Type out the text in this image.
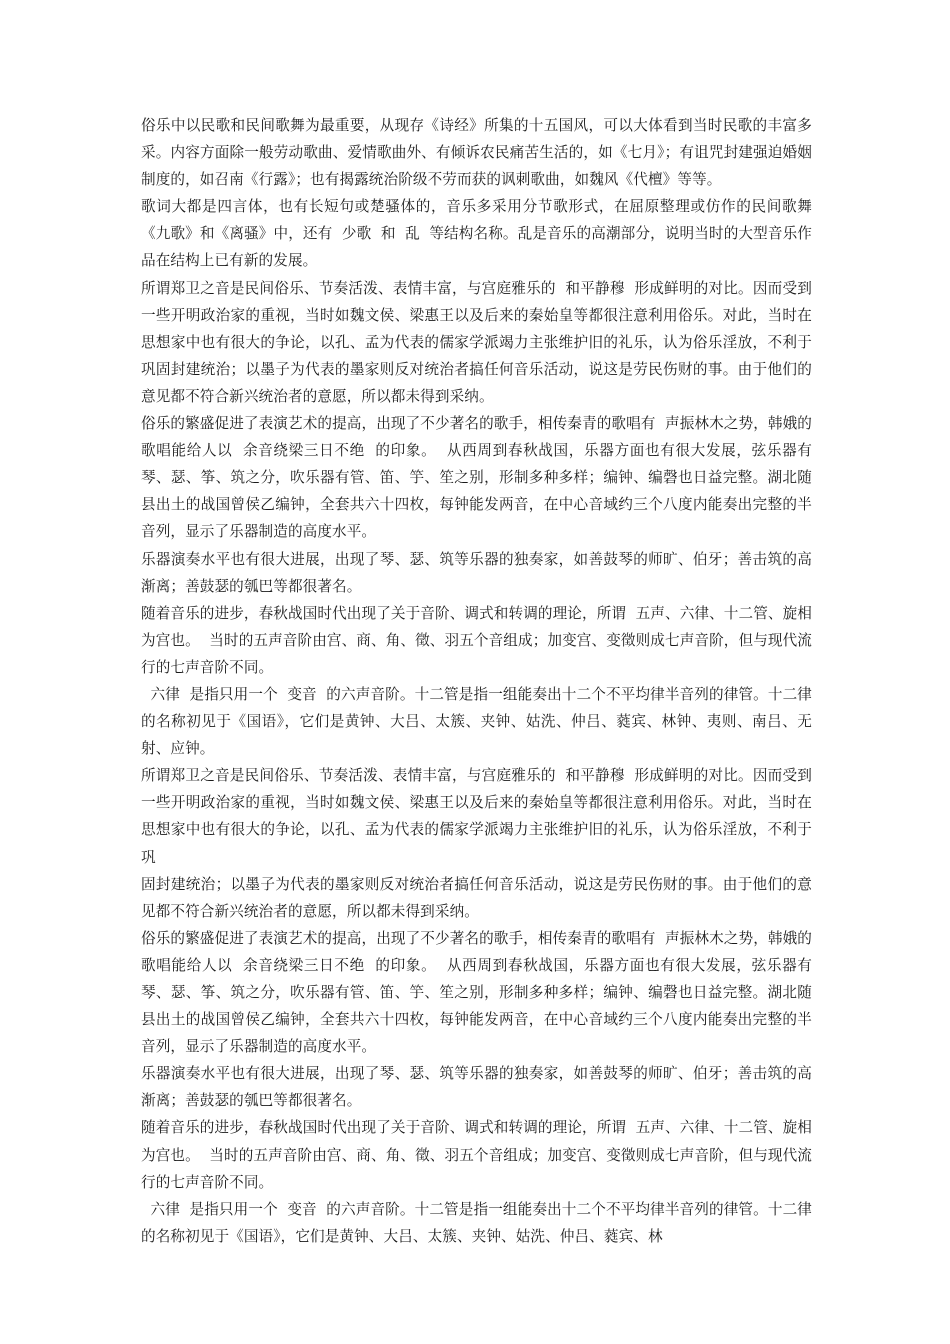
俗乐中以民歌和民间歌舞为最重要，从现存《诗经》所集的十五国风，可以大体看到当时民歌的丰富多采。内容方面除一般劳动歌曲、爱情歌曲外、有倾诉农民痛苦生活的，如《七月》；有诅咒封建强迫婚姻制度的，如召南《行露》；也有揭露统治阶级不劳而获的讽刺歌曲，如魏风《代檀》等等。

歌词大都是四言体，也有长短句或楚骚体的，音乐多采用分节歌形式，在屈原整理或仿作的民间歌舞《九歌》和《离骚》中，还有  少歌  和  乱  等结构名称。乱是音乐的高潮部分，说明当时的大型音乐作品在结构上已有新的发展。

所谓郑卫之音是民间俗乐、节奏活泼、表情丰富，与宫庭雅乐的  和平静穆  形成鲜明的对比。因而受到一些开明政治家的重视，当时如魏文侯、梁惠王以及后来的秦始皇等都很注意利用俗乐。对此，当时在思想家中也有很大的争论，以孔、孟为代表的儒家学派竭力主张维护旧的礼乐，认为俗乐淫放，不利于巩固封建统治；以墨子为代表的墨家则反对统治者搞任何音乐活动，说这是劳民伤财的事。由于他们的意见都不符合新兴统治者的意愿，所以都未得到采纳。

俗乐的繁盛促进了表演艺术的提高，出现了不少著名的歌手，相传秦青的歌唱有  声振林木之势，韩娥的歌唱能给人以  余音绕梁三日不绝  的印象。  从西周到春秋战国，乐器方面也有很大发展，弦乐器有琴、瑟、筝、筑之分，吹乐器有管、笛、竽、笙之别，形制多种多样；编钟、编磬也日益完整。湖北随县出土的战国曾侯乙编钟，全套共六十四枚，每钟能发两音，在中心音域约三个八度内能奏出完整的半音列，显示了乐器制造的高度水平。

乐器演奏水平也有很大进展，出现了琴、瑟、筑等乐器的独奏家，如善鼓琴的师旷、伯牙；善击筑的高渐离；善鼓瑟的瓠巴等都很著名。

随着音乐的进步，春秋战国时代出现了关于音阶、调式和转调的理论，所谓  五声、六律、十二管、旋相为宫也。  当时的五声音阶由宫、商、角、徵、羽五个音组成；加变宫、变徵则成七声音阶，但与现代流行的七声音阶不同。

六律  是指只用一个  变音  的六声音阶。十二管是指一组能奏出十二个不平均律半音列的律管。十二律的名称初见于《国语》，它们是黄钟、大吕、太簇、夹钟、姑洗、仲吕、蕤宾、林钟、夷则、南吕、无射、应钟。

所谓郑卫之音是民间俗乐、节奏活泼、表情丰富，与宫庭雅乐的  和平静穆  形成鲜明的对比。因而受到一些开明政治家的重视，当时如魏文侯、梁惠王以及后来的秦始皇等都很注意利用俗乐。对此，当时在思想家中也有很大的争论，以孔、孟为代表的儒家学派竭力主张维护旧的礼乐，认为俗乐淫放，不利于巩

固封建统治；以墨子为代表的墨家则反对统治者搞任何音乐活动，说这是劳民伤财的事。由于他们的意见都不符合新兴统治者的意愿，所以都未得到采纳。

俗乐的繁盛促进了表演艺术的提高，出现了不少著名的歌手，相传秦青的歌唱有  声振林木之势，韩娥的歌唱能给人以  余音绕梁三日不绝  的印象。  从西周到春秋战国，乐器方面也有很大发展，弦乐器有琴、瑟、筝、筑之分，吹乐器有管、笛、竽、笙之别，形制多种多样；编钟、编磬也日益完整。湖北随县出土的战国曾侯乙编钟，全套共六十四枚，每钟能发两音，在中心音域约三个八度内能奏出完整的半音列，显示了乐器制造的高度水平。

乐器演奏水平也有很大进展，出现了琴、瑟、筑等乐器的独奏家，如善鼓琴的师旷、伯牙；善击筑的高渐离；善鼓瑟的瓠巴等都很著名。

随着音乐的进步，春秋战国时代出现了关于音阶、调式和转调的理论，所谓  五声、六律、十二管、旋相为宫也。  当时的五声音阶由宫、商、角、徵、羽五个音组成；加变宫、变徵则成七声音阶，但与现代流行的七声音阶不同。

六律  是指只用一个  变音  的六声音阶。十二管是指一组能奏出十二个不平均律半音列的律管。十二律的名称初见于《国语》，它们是黄钟、大吕、太簇、夹钟、姑洗、仲吕、蕤宾、林
